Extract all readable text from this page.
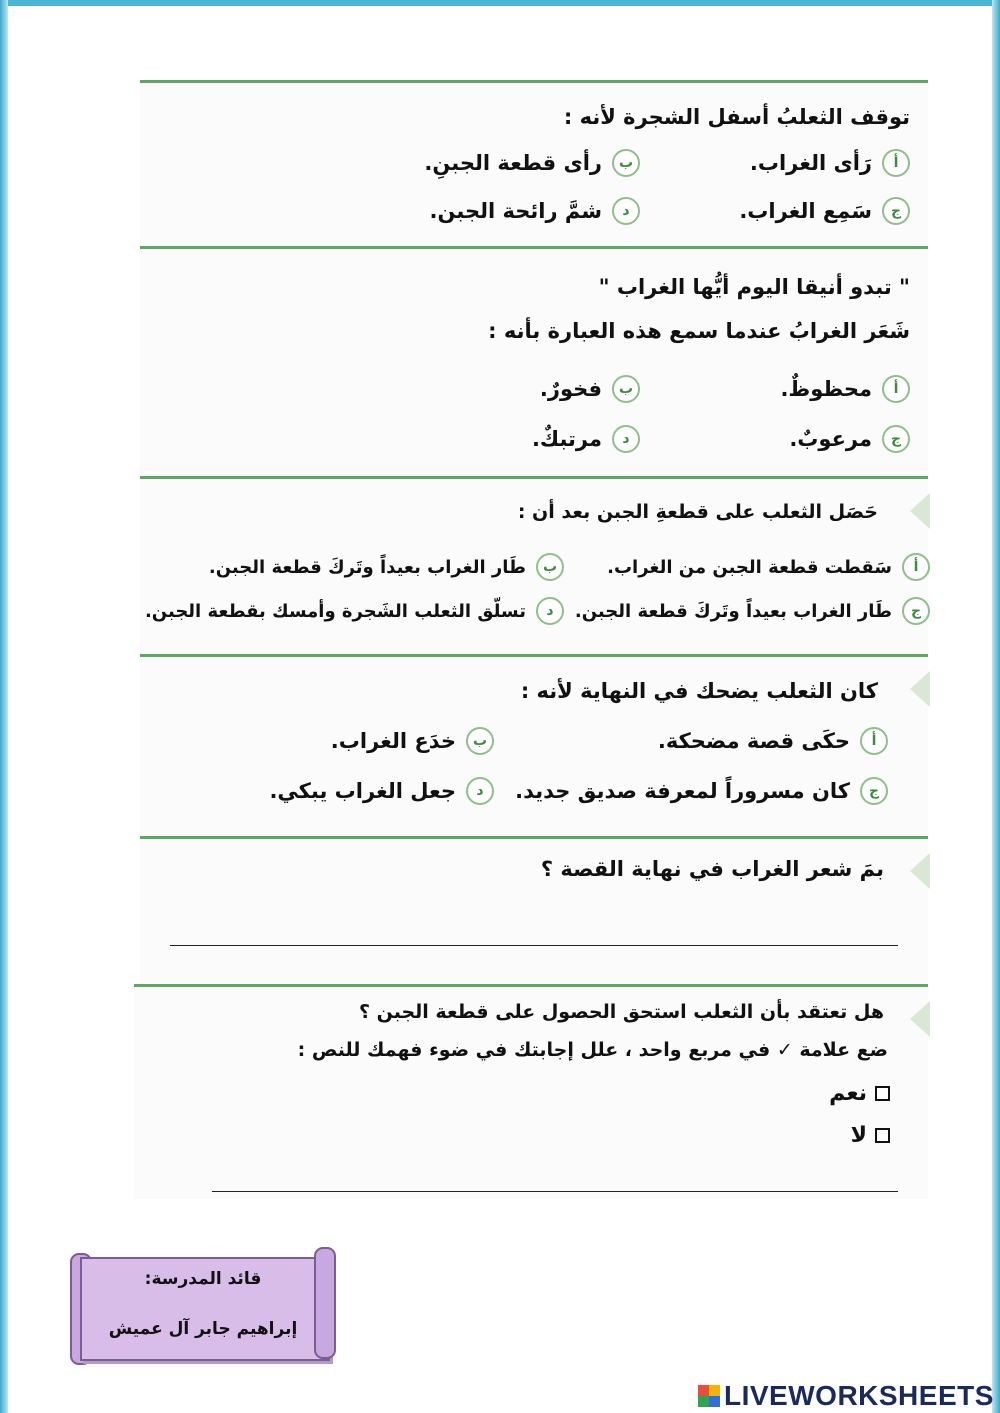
توقف الثعلبُ أسفل الشجرة لأنه :
أ
رَأى الغراب.
ب
رأى قطعة الجبنِ.
ج
سَمِع الغراب.
د
شمَّ رائحة الجبن.
" تبدو أنيقا اليوم أيُّها الغراب "
شَعَر الغرابُ عندما سمع هذه العبارة بأنه :
أ
محظوظٌ.
ب
فخورٌ.
ج
مرعوبٌ.
د
مرتبكٌ.
حَصَل الثعلب على قطعةِ الجبن بعد أن :
أ
سَقطت قطعة الجبن من الغراب.
ب
طَار الغراب بعيداً وتَركَ قطعة الجبن.
ج
طَار الغراب بعيداً وتَركَ قطعة الجبن.
د
تسلّق الثعلب الشَجرة وأمسك بقطعة الجبن.
كان الثعلب يضحك في النهاية لأنه :
أ
حكَى قصة مضحكة.
ب
خدَع الغراب.
ج
كان مسروراً لمعرفة صديق جديد.
د
جعل الغراب يبكي.
بمَ شعر الغراب في نهاية القصة ؟
هل تعتقد بأن الثعلب استحق الحصول على قطعة الجبن ؟
ضع علامة ✓ في مربع واحد ، علل إجابتك في ضوء فهمك للنص :
نعم
لا
قائد المدرسة:
إبراهيم جابر آل عميش
LIVEWORKSHEETS
